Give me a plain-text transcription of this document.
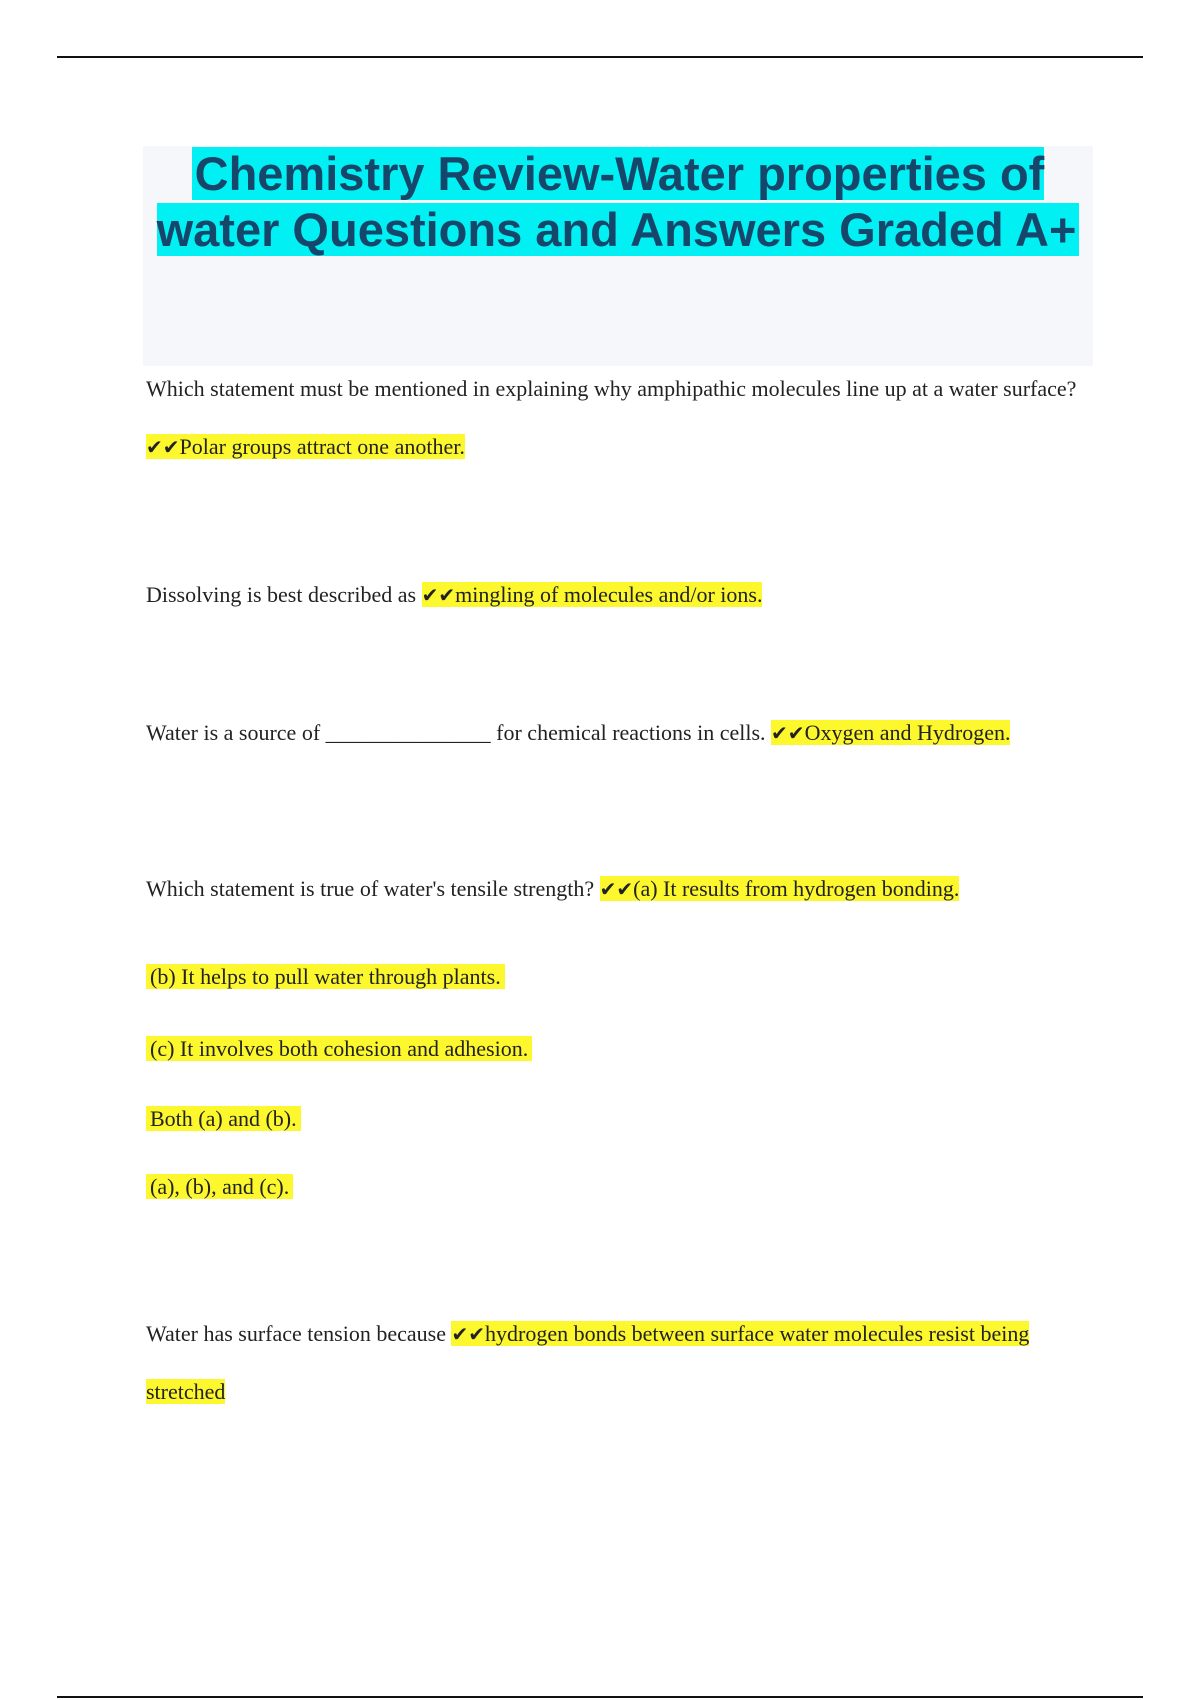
Chemistry Review-Water properties of water Questions and Answers Graded A+

Which statement must be mentioned in explaining why amphipathic molecules line up at a water surface? ✔✔Polar groups attract one another.

Dissolving is best described as ✔✔mingling of molecules and/or ions.

Water is a source of _______________ for chemical reactions in cells. ✔✔Oxygen and Hydrogen.

Which statement is true of water's tensile strength? ✔✔(a) It results from hydrogen bonding.

(b) It helps to pull water through plants.

(c) It involves both cohesion and adhesion.

Both (a) and (b).

(a), (b), and (c).

Water has surface tension because ✔✔hydrogen bonds between surface water molecules resist being stretched
